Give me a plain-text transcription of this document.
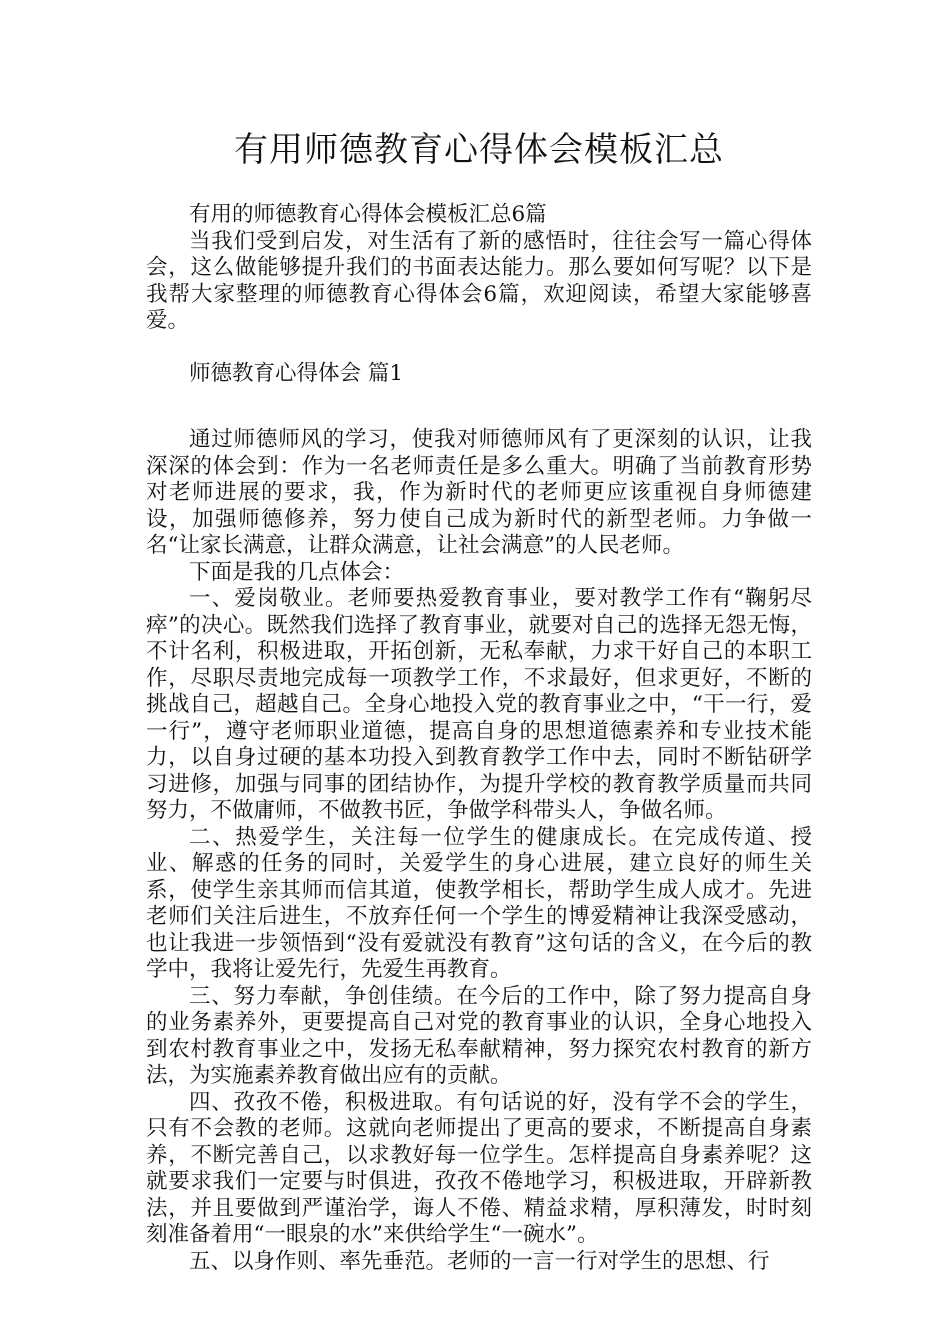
有用师德教育心得体会模板汇总

有用的师德教育心得体会模板汇总6篇

当我们受到启发，对生活有了新的感悟时，往往会写一篇心得体会，这么做能够提升我们的书面表达能力。那么要如何写呢？以下是我帮大家整理的师德教育心得体会6篇，欢迎阅读，希望大家能够喜爱。

师德教育心得体会 篇1

通过师德师风的学习，使我对师德师风有了更深刻的认识，让我深深的体会到：作为一名老师责任是多么重大。明确了当前教育形势对老师进展的要求，我，作为新时代的老师更应该重视自身师德建设，加强师德修养，努力使自己成为新时代的新型老师。力争做一名“让家长满意，让群众满意，让社会满意”的人民老师。

下面是我的几点体会：

一、爱岗敬业。老师要热爱教育事业，要对教学工作有“鞠躬尽瘁”的决心。既然我们选择了教育事业，就要对自己的选择无怨无悔，不计名利，积极进取，开拓创新，无私奉献，力求干好自己的本职工作，尽职尽责地完成每一项教学工作，不求最好，但求更好，不断的挑战自己，超越自己。全身心地投入党的教育事业之中，“干一行，爱一行”，遵守老师职业道德，提高自身的思想道德素养和专业技术能力，以自身过硬的基本功投入到教育教学工作中去，同时不断钻研学习进修，加强与同事的团结协作，为提升学校的教育教学质量而共同努力，不做庸师，不做教书匠，争做学科带头人，争做名师。

二、热爱学生，关注每一位学生的健康成长。在完成传道、授业、解惑的任务的同时，关爱学生的身心进展，建立良好的师生关系，使学生亲其师而信其道，使教学相长，帮助学生成人成才。先进老师们关注后进生，不放弃任何一个学生的博爱精神让我深受感动，也让我进一步领悟到“没有爱就没有教育”这句话的含义，在今后的教学中，我将让爱先行，先爱生再教育。

三、努力奉献，争创佳绩。在今后的工作中，除了努力提高自身的业务素养外，更要提高自己对党的教育事业的认识，全身心地投入到农村教育事业之中，发扬无私奉献精神，努力探究农村教育的新方法，为实施素养教育做出应有的贡献。

四、孜孜不倦，积极进取。有句话说的好，没有学不会的学生，只有不会教的老师。这就向老师提出了更高的要求，不断提高自身素养，不断完善自己，以求教好每一位学生。怎样提高自身素养呢？这就要求我们一定要与时俱进，孜孜不倦地学习，积极进取，开辟新教法，并且要做到严谨治学，诲人不倦、精益求精，厚积薄发，时时刻刻准备着用“一眼泉的水”来供给学生“一碗水”。

五、以身作则、率先垂范。老师的一言一行对学生的思想、行
